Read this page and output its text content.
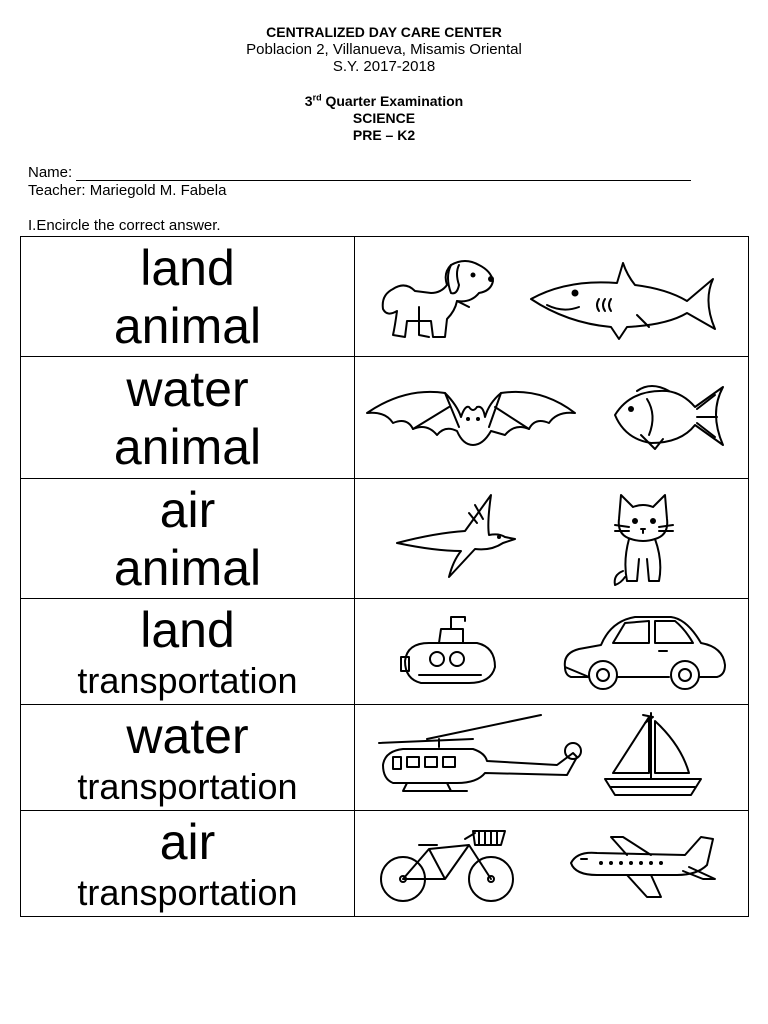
CENTRALIZED DAY CARE CENTER
Poblacion 2, Villanueva, Misamis Oriental
S.Y. 2017-2018
3rd Quarter Examination
SCIENCE
PRE – K2
Name:
Teacher: Mariegold M. Fabela
I.Encircle the correct answer.
land
animal

water
animal

air
animal

land
transportation

water
transportation

air
transportation
